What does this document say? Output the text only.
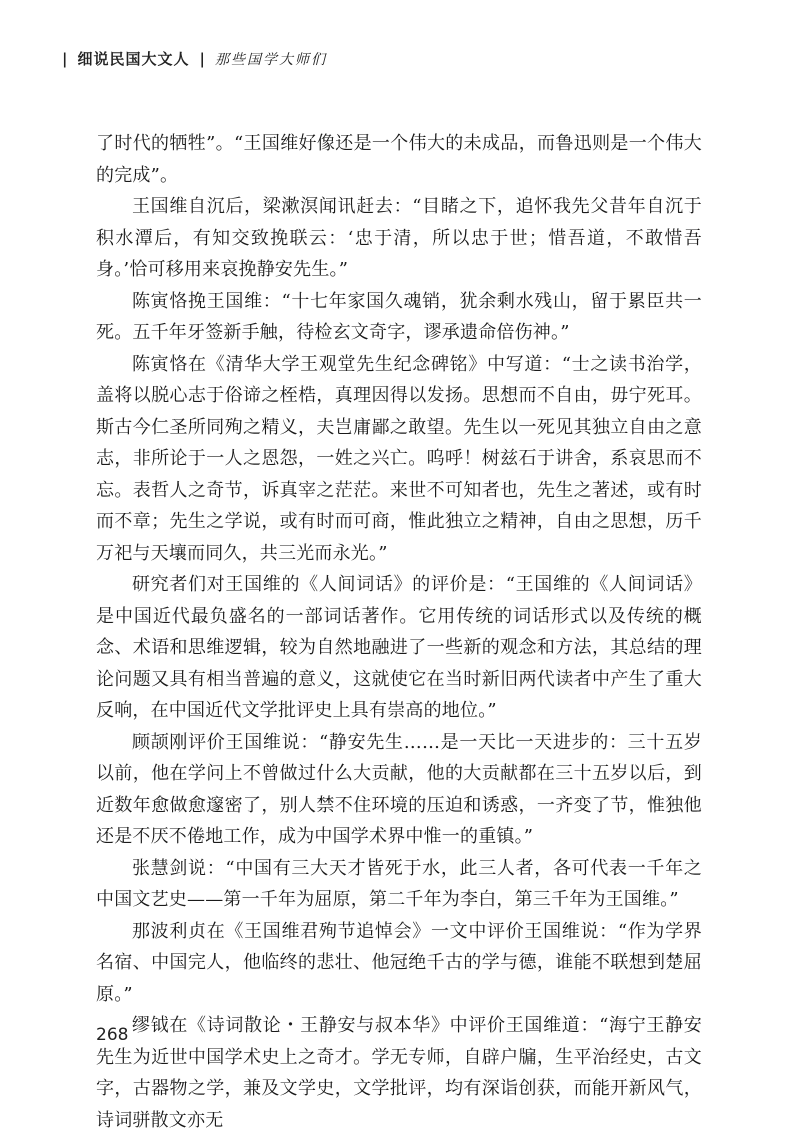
| 细说民国大文人 | 那些国学大师们

了时代的牺牲”。“王国维好像还是一个伟大的未成品，而鲁迅则是一个伟大的完成”。

王国维自沉后，梁漱溟闻讯赶去：“目睹之下，追怀我先父昔年自沉于积水潭后，有知交致挽联云：‘忠于清，所以忠于世；惜吾道，不敢惜吾身。’恰可移用来哀挽静安先生。”

陈寅恪挽王国维：“十七年家国久魂销，犹余剩水残山，留于累臣共一死。五千年牙签新手触，待检玄文奇字，谬承遗命倍伤神。”

陈寅恪在《清华大学王观堂先生纪念碑铭》中写道：“士之读书治学，盖将以脱心志于俗谛之桎梏，真理因得以发扬。思想而不自由，毋宁死耳。斯古今仁圣所同殉之精义，夫岂庸鄙之敢望。先生以一死见其独立自由之意志，非所论于一人之恩怨，一姓之兴亡。呜呼！树兹石于讲舍，系哀思而不忘。表哲人之奇节，诉真宰之茫茫。来世不可知者也，先生之著述，或有时而不章；先生之学说，或有时而可商，惟此独立之精神，自由之思想，历千万祀与天壤而同久，共三光而永光。”

研究者们对王国维的《人间词话》的评价是：“王国维的《人间词话》是中国近代最负盛名的一部词话著作。它用传统的词话形式以及传统的概念、术语和思维逻辑，较为自然地融进了一些新的观念和方法，其总结的理论问题又具有相当普遍的意义，这就使它在当时新旧两代读者中产生了重大反响，在中国近代文学批评史上具有崇高的地位。”

顾颉刚评价王国维说：“静安先生……是一天比一天进步的：三十五岁以前，他在学问上不曾做过什么大贡献，他的大贡献都在三十五岁以后，到近数年愈做愈邃密了，别人禁不住环境的压迫和诱惑，一齐变了节，惟独他还是不厌不倦地工作，成为中国学术界中惟一的重镇。”

张慧剑说：“中国有三大天才皆死于水，此三人者，各可代表一千年之中国文艺史——第一千年为屈原，第二千年为李白，第三千年为王国维。”

那波利贞在《王国维君殉节追悼会》一文中评价王国维说：“作为学界名宿、中国完人，他临终的悲壮、他冠绝千古的学与德，谁能不联想到楚屈原。”

缪钺在《诗词散论・王静安与叔本华》中评价王国维道：“海宁王静安先生为近世中国学术史上之奇才。学无专师，自辟户牖，生平治经史，古文字，古器物之学，兼及文学史，文学批评，均有深诣创获，而能开新风气，诗词骈散文亦无

268
